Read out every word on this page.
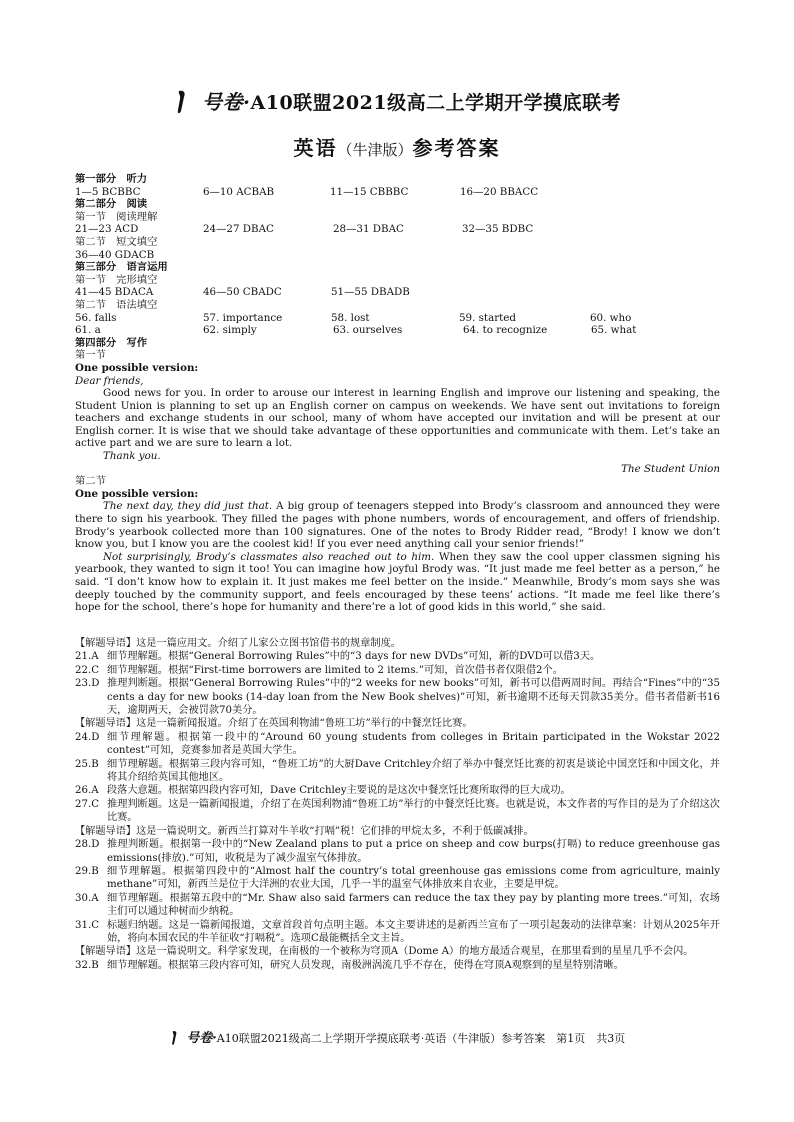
号卷·A10联盟2021级高二上学期开学摸底联考
英语（牛津版）参考答案
第一部分　听力
1—5 BCBBC	6—10 ACBAB	11—15 CBBBC	16—20 BBACC
第二部分　阅读
第一节　阅读理解
21—23 ACD	24—27 DBAC	28—31 DBAC	32—35 BDBC
第二节　短文填空
36—40 GDACB
第三部分　语言运用
第一节　完形填空
41—45 BDACA	46—50 CBADC	51—55 DBADB
第二节　语法填空
56. falls	57. importance	58. lost	59. started	60. who
61. a	62. simply	63. ourselves	64. to recognize	65. what
第四部分　写作
第一节
One possible version:
Dear friends,

Good news for you. In order to arouse our interest in learning English and improve our listening and speaking, the Student Union is planning to set up an English corner on campus on weekends. We have sent out invitations to foreign teachers and exchange students in our school, many of whom have accepted our invitation and will be present at our English corner. It is wise that we should take advantage of these opportunities and communicate with them. Let’s take an active part and we are sure to learn a lot.

Thank you.
The Student Union
第二节
One possible version:

The next day, they did just that. A big group of teenagers stepped into Brody’s classroom and announced they were there to sign his yearbook. They filled the pages with phone numbers, words of encouragement, and offers of friendship. Brody’s yearbook collected more than 100 signatures. One of the notes to Brody Ridder read, “Brody! I know we don’t know you, but I know you are the coolest kid! If you ever need anything call your senior friends!”

Not surprisingly, Brody’s classmates also reached out to him. When they saw the cool upper classmen signing his yearbook, they wanted to sign it too! You can imagine how joyful Brody was. “It just made me feel better as a person,” he said. “I don’t know how to explain it. It just makes me feel better on the inside.” Meanwhile, Brody’s mom says she was deeply touched by the community support, and feels encouraged by these teens’ actions. “It made me feel like there’s hope for the school, there’s hope for humanity and there’re a lot of good kids in this world,” she said.

【解题导语】这是一篇应用文。介绍了儿家公立图书馆借书的规章制度。
21.A 细节理解题。根据“General Borrowing Rules”中的“3 days for new DVDs”可知，新的DVD可以借3天。
22.C 细节理解题。根据“First-time borrowers are limited to 2 items.”可知，首次借书者仅限借2个。
23.D 推理判断题。根据“General Borrowing Rules”中的“2 weeks for new books”可知，新书可以借两周时间。再结合“Fines”中的“35 cents a day for new books (14-day loan from the New Book shelves)”可知，新书逾期不还每天罚款35美分。借书者借新书16天，逾期两天，会被罚款70美分。
【解题导语】这是一篇新闻报道。介绍了在英国利物浦“鲁班工坊”举行的中餐烹饪比赛。
24.D 细节理解题。根据第一段中的“Around 60 young students from colleges in Britain participated in the Wokstar 2022 contest”可知，竞赛参加者是英国大学生。
25.B 细节理解题。根据第三段内容可知，“鲁班工坊”的大厨Dave Critchley介绍了举办中餐烹饪比赛的初衷是谈论中国烹饪和中国文化，并将其介绍给英国其他地区。
26.A 段落大意题。根据第四段内容可知，Dave Critchley主要说的是这次中餐烹饪比赛所取得的巨大成功。
27.C 推理判断题。这是一篇新闻报道，介绍了在英国利物浦“鲁班工坊”举行的中餐烹饪比赛。也就是说，本文作者的写作目的是为了介绍这次比赛。
【解题导语】这是一篇说明文。新西兰打算对牛羊收“打嗝”税！它们排的甲烷太多，不利于低碳减排。
28.D 推理判断题。根据第一段中的“New Zealand plans to put a price on sheep and cow burps(打嗝) to reduce greenhouse gas emissions(排放).”可知，收税是为了减少温室气体排放。
29.B 细节理解题。根据第四段中的“Almost half the country’s total greenhouse gas emissions come from agriculture, mainly methane”可知，新西兰是位于大洋洲的农业大国，几乎一半的温室气体排放来自农业，主要是甲烷。
30.A 细节理解题。根据第五段中的“Mr. Shaw also said farmers can reduce the tax they pay by planting more trees.”可知，农场主们可以通过种树而少纳税。
31.C 标题归纳题。这是一篇新闻报道，文章首段首句点明主题。本文主要讲述的是新西兰宣布了一项引起轰动的法律草案：计划从2025年开始，将向本国农民的牛羊征收“打嗝税”。选项C最能概括全文主旨。
【解题导语】这是一篇说明文。科学家发现，在南极的一个被称为穹顶A（Dome A）的地方最适合观星，在那里看到的星星几乎不会闪。
32.B 细节理解题。根据第三段内容可知，研究人员发现，南极洲涡流几乎不存在，使得在穹顶A观察到的星星特别清晰。
号卷·A10联盟2021级高二上学期开学摸底联考·英语（牛津版）参考答案　第1页　共3页
